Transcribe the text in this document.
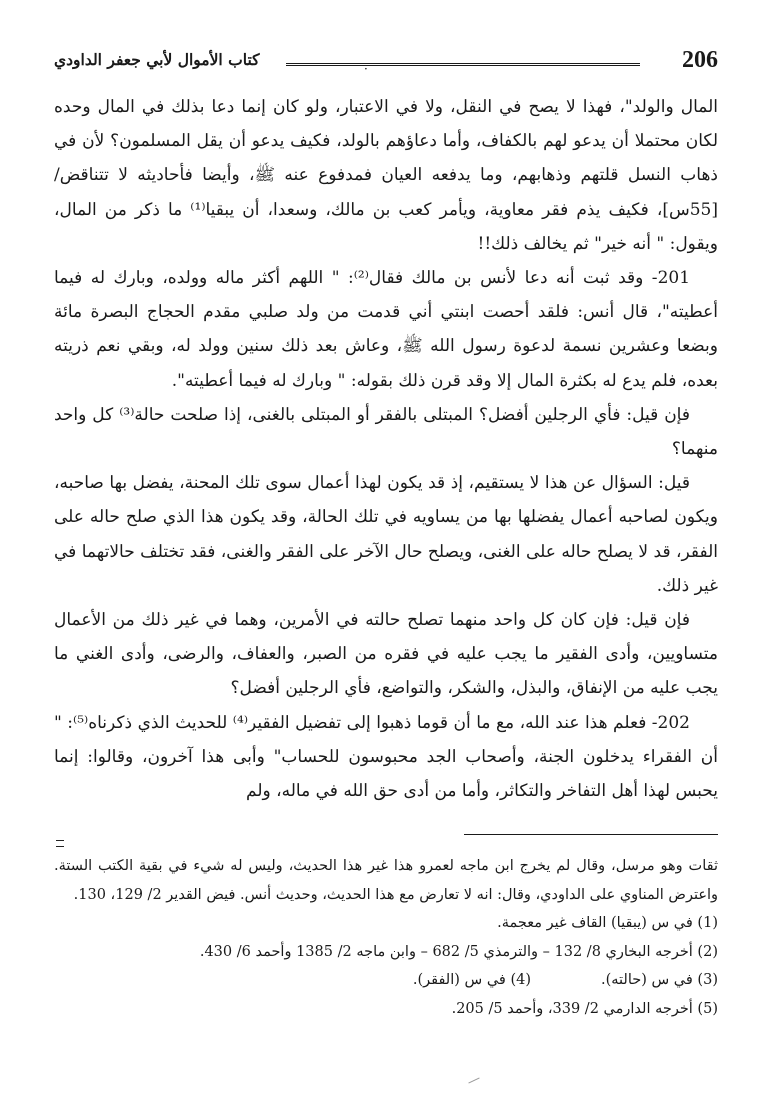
206
·
كتاب الأموال لأبي جعفر الداودي

المال والولد"، فهذا لا يصح في النقل، ولا في الاعتبار، ولو كان إنما دعا بذلك في المال وحده لكان محتملا أن يدعو لهم بالكفاف، وأما دعاؤهم بالولد، فكيف يدعو أن يقل المسلمون؟ لأن في ذهاب النسل قلتهم وذهابهم، وما يدفعه العيان فمدفوع عنه ﷺ، وأيضا فأحاديثه لا تتناقض/ [55س]، فكيف يذم فقر معاوية، ويأمر كعب بن مالك، وسعدا، أن يبقيا⁽¹⁾ ما ذكر من المال، ويقول: " أنه خير" ثم يخالف ذلك!!

201- وقد ثبت أنه دعا لأنس بن مالك فقال⁽²⁾: " اللهم أكثر ماله وولده، وبارك له فيما أعطيته"، قال أنس: فلقد أحصت ابنتي أني قدمت من ولد صلبي مقدم الحجاج البصرة مائة وبضعا وعشرين نسمة لدعوة رسول الله ﷺ، وعاش بعد ذلك سنين وولد له، وبقي نعم ذريته بعده، فلم يدع له بكثرة المال إلا وقد قرن ذلك بقوله: " وبارك له فيما أعطيته".

فإن قيل: فأي الرجلين أفضل؟ المبتلى بالفقر أو المبتلى بالغنى، إذا صلحت حالة⁽³⁾ كل واحد منهما؟

قيل: السؤال عن هذا لا يستقيم، إذ قد يكون لهذا أعمال سوى تلك المحنة، يفضل بها صاحبه، ويكون لصاحبه أعمال يفضلها بها من يساويه في تلك الحالة، وقد يكون هذا الذي صلح حاله على الفقر، قد لا يصلح حاله على الغنى، ويصلح حال الآخر على الفقر والغنى، فقد تختلف حالاتهما في غير ذلك.

فإن قيل: فإن كان كل واحد منهما تصلح حالته في الأمرين، وهما في غير ذلك من الأعمال متساويين، وأدى الفقير ما يجب عليه في فقره من الصبر، والعفاف، والرضى، وأدى الغني ما يجب عليه من الإنفاق، والبذل، والشكر، والتواضع، فأي الرجلين أفضل؟

202- فعلم هذا عند الله، مع ما أن قوما ذهبوا إلى تفضيل الفقير⁽⁴⁾ للحديث الذي ذكرناه⁽⁵⁾: " أن الفقراء يدخلون الجنة، وأصحاب الجد محبوسون للحساب" وأبى هذا آخرون، وقالوا: إنما يحبس لهذا أهل التفاخر والتكاثر، وأما من أدى حق الله في ماله، ولم

ثقات وهو مرسل، وقال لم يخرج ابن ماجه لعمرو هذا غير هذا الحديث، وليس له شيء في بقية الكتب الستة. واعترض المناوي على الداودي، وقال: انه لا تعارض مع هذا الحديث، وحديث أنس. فيض القدير 2/ 129، 130.

(1) في س (يبقيا) القاف غير معجمة.

(2) أخرجه البخاري 8/ 132 – والترمذي 5/ 682 – وابن ماجه 2/ 1385 وأحمد 6/ 430.

(3) في س (حالته).
(4) في س (الفقر).

(5) أخرجه الدارمي 2/ 339، وأحمد 5/ 205.
